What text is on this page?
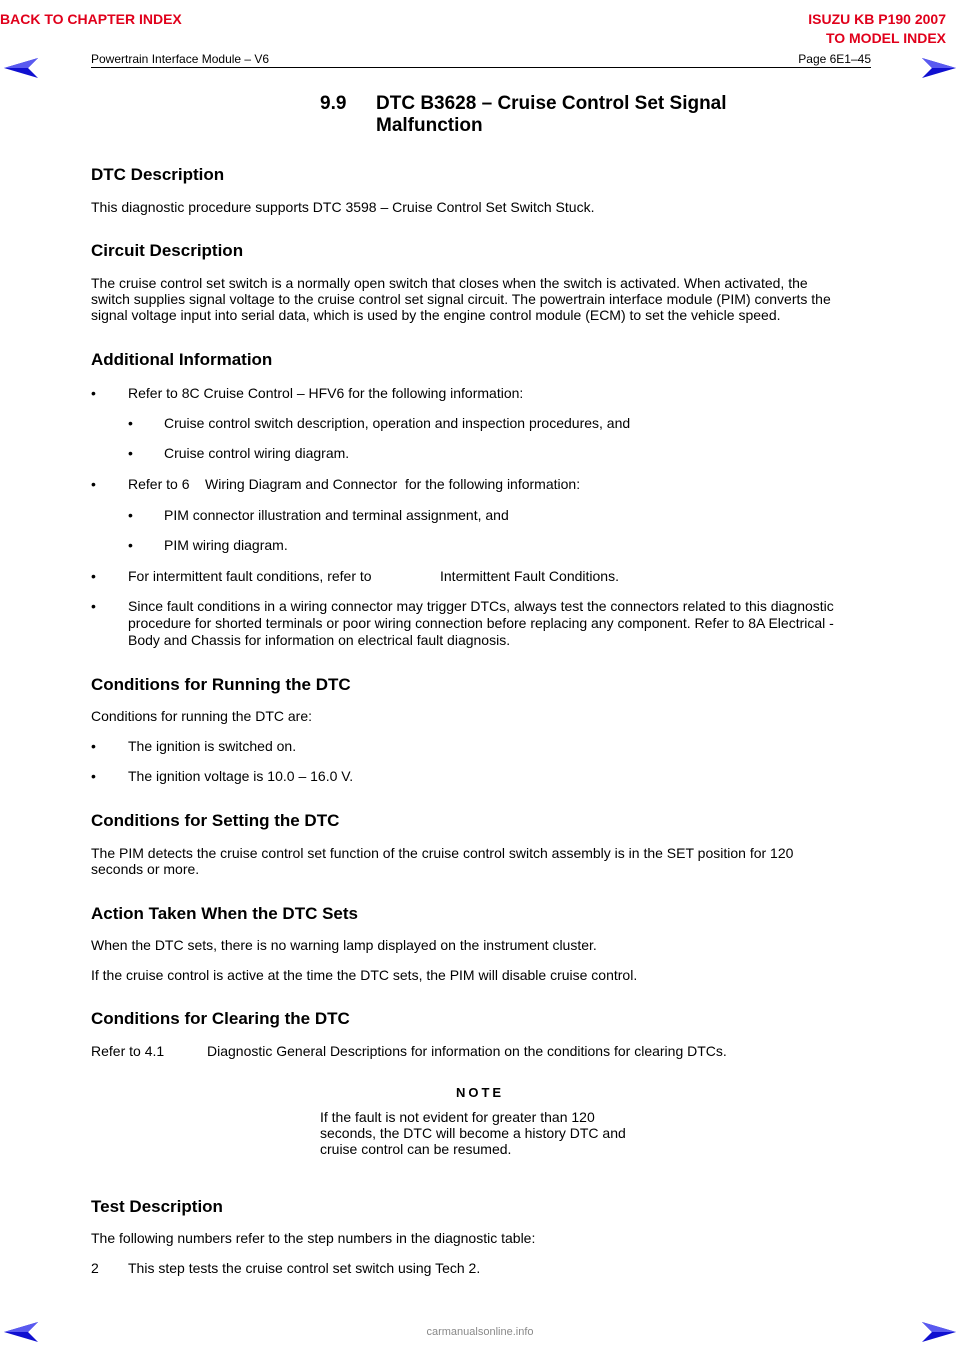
BACK TO CHAPTER INDEX	ISUZU KB P190 2007
TO MODEL INDEX
Powertrain Interface Module – V6	Page 6E1–45
9.9 DTC B3628 – Cruise Control Set Signal
Malfunction
DTC Description
This diagnostic procedure supports DTC 3598 – Cruise Control Set Switch Stuck.
Circuit Description
The cruise control set switch is a normally open switch that closes when the switch is activated. When activated, the
switch supplies signal voltage to the cruise control set signal circuit. The powertrain interface module (PIM) converts the
signal voltage input into serial data, which is used by the engine control module (ECM) to set the vehicle speed.
Additional Information
• Refer to 8C Cruise Control – HFV6 for the following information:
• Cruise control switch description, operation and inspection procedures, and
• Cruise control wiring diagram.
• Refer to 6    Wiring Diagram and Connector  for the following information:
• PIM connector illustration and terminal assignment, and
• PIM wiring diagram.
• For intermittent fault conditions, refer to	Intermittent Fault Conditions.
• Since fault conditions in a wiring connector may trigger DTCs, always test the connectors related to this diagnostic
procedure for shorted terminals or poor wiring connection before replacing any component. Refer to 8A Electrical -
Body and Chassis for information on electrical fault diagnosis.
Conditions for Running the DTC
Conditions for running the DTC are:
• The ignition is switched on.
• The ignition voltage is 10.0 – 16.0 V.
Conditions for Setting the DTC
The PIM detects the cruise control set function of the cruise control switch assembly is in the SET position for 120
seconds or more.
Action Taken When the DTC Sets
When the DTC sets, there is no warning lamp displayed on the instrument cluster.
If the cruise control is active at the time the DTC sets, the PIM will disable cruise control.
Conditions for Clearing the DTC
Refer to 4.1	Diagnostic General Descriptions for information on the conditions for clearing DTCs.
NOTE
If the fault is not evident for greater than 120
seconds, the DTC will become a history DTC and
cruise control can be resumed.
Test Description
The following numbers refer to the step numbers in the diagnostic table:
2 This step tests the cruise control set switch using Tech 2.
carmanualsonline.info
